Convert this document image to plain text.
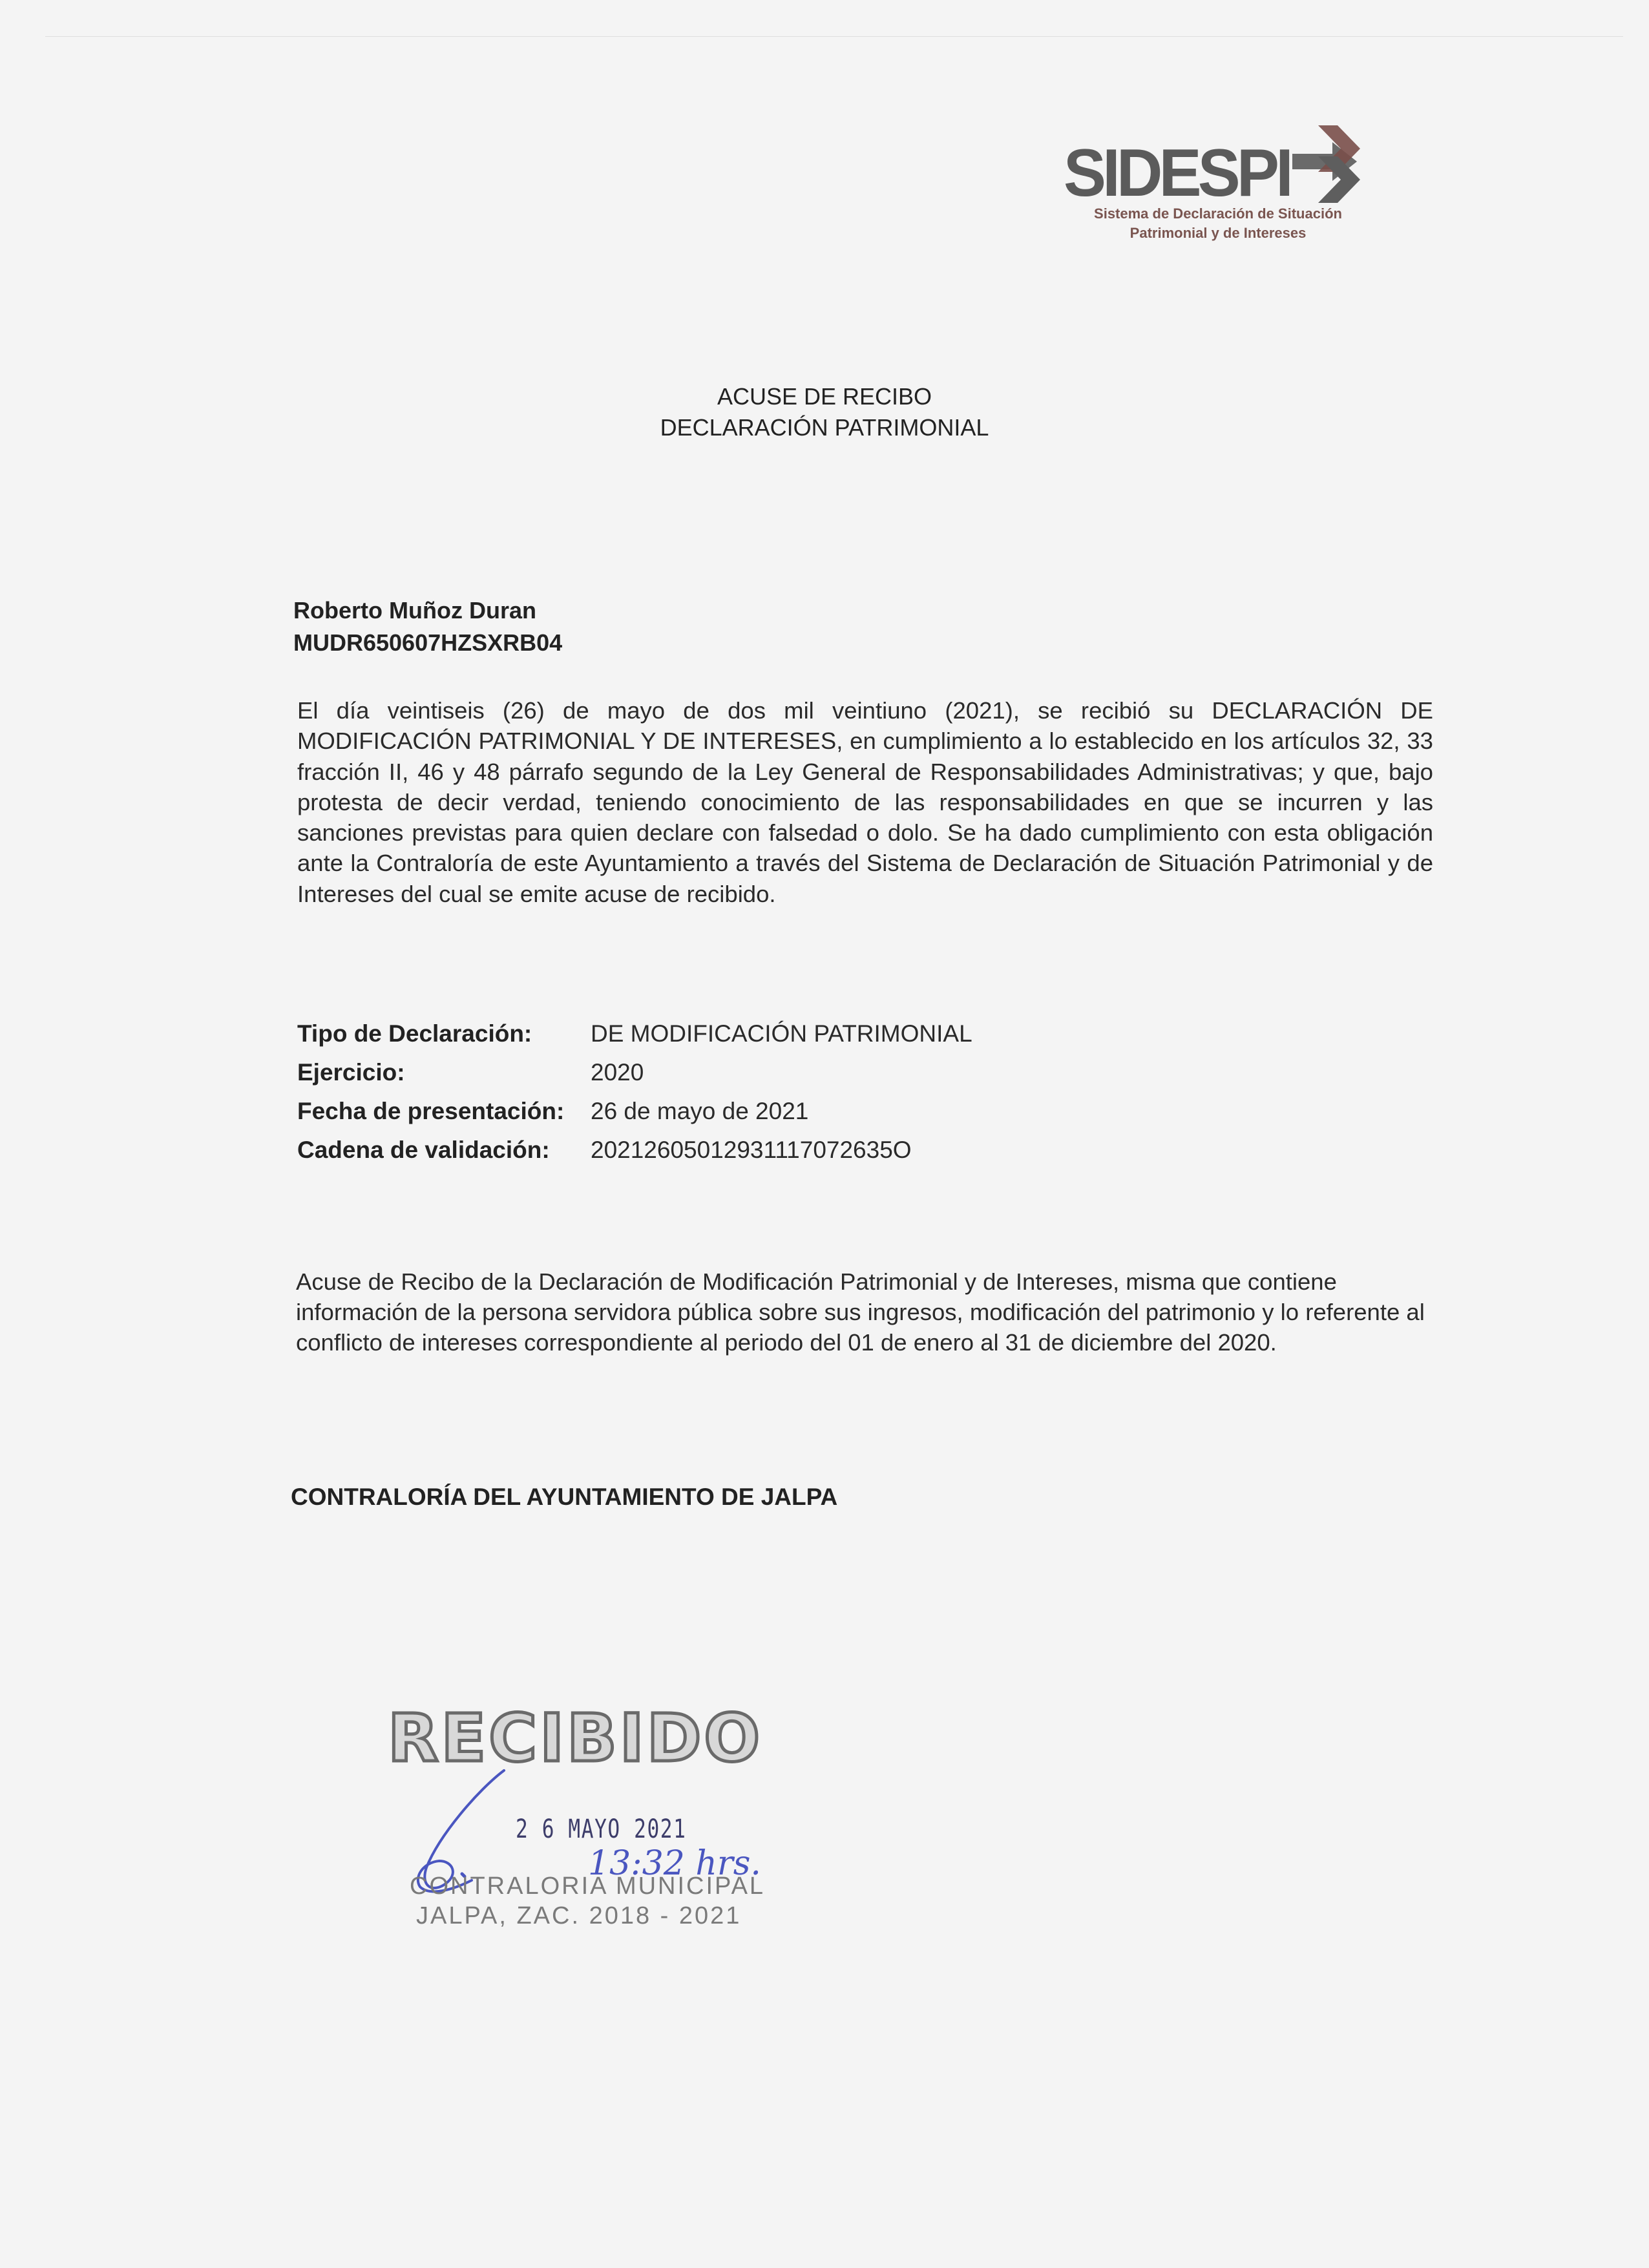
SIDESPI
Sistema de Declaración de Situación
Patrimonial y de Intereses
ACUSE DE RECIBO
DECLARACIÓN PATRIMONIAL
Roberto Muñoz Duran
MUDR650607HZSXRB04
El día veintiseis (26) de mayo de dos mil veintiuno (2021), se recibió su DECLARACIÓN DE MODIFICACIÓN PATRIMONIAL Y DE INTERESES, en cumplimiento a lo establecido en los artículos 32, 33 fracción II, 46 y 48 párrafo segundo de la Ley General de Responsabilidades Administrativas; y que, bajo protesta de decir verdad, teniendo conocimiento de las responsabilidades en que se incurren y las sanciones previstas para quien declare con falsedad o dolo. Se ha dado cumplimiento con esta obligación ante la Contraloría de este Ayuntamiento a través del Sistema de Declaración de Situación Patrimonial y de Intereses del cual se emite acuse de recibido.
Tipo de Declaración:	DE MODIFICACIÓN PATRIMONIAL
Ejercicio:	2020
Fecha de presentación:	26 de mayo de 2021
Cadena de validación:	20212605012931117072635O
Acuse de Recibo de la Declaración de Modificación Patrimonial y de Intereses, misma que contiene información de la persona servidora pública sobre sus ingresos, modificación del patrimonio y lo referente al conflicto de intereses correspondiente al periodo del 01 de enero al 31 de diciembre del 2020.
CONTRALORÍA DEL AYUNTAMIENTO DE JALPA
RECIBIDO
2 6 MAYO 2021
13:32 hrs.
CONTRALORIA MUNICIPAL
JALPA, ZAC. 2018 - 2021
